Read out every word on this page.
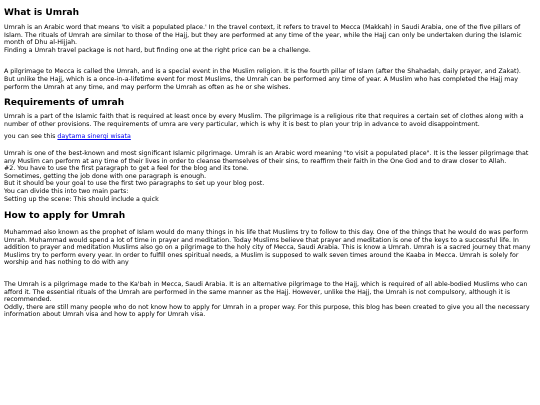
What is Umrah

Umrah is an Arabic word that means 'to visit a populated place.' In the travel context, it refers to travel to Mecca (Makkah) in Saudi Arabia, one of the five pillars of Islam. The rituals of Umrah are similar to those of the Hajj, but they are performed at any time of the year, while the Hajj can only be undertaken during the Islamic month of Dhu al-Hijjah.

Finding a Umrah travel package is not hard, but finding one at the right price can be a challenge.

A pilgrimage to Mecca is called the Umrah, and is a special event in the Muslim religion. It is the fourth pillar of Islam (after the Shahadah, daily prayer, and Zakat). But unlike the Hajj, which is a once-in-a-lifetime event for most Muslims, the Umrah can be performed any time of year. A Muslim who has completed the Hajj may perform the Umrah at any time, and may perform the Umrah as often as he or she wishes.

Requirements of umrah

Umrah is a part of the Islamic faith that is required at least once by every Muslim. The pilgrimage is a religious rite that requires a certain set of clothes along with a number of other provisions. The requirements of umra are very particular, which is why it is best to plan your trip in advance to avoid disappointment.

you can see this daytama sinergi wisata

Umrah is one of the best-known and most significant Islamic pilgrimage. Umrah is an Arabic word meaning "to visit a populated place". It is the lesser pilgrimage that any Muslim can perform at any time of their lives in order to cleanse themselves of their sins, to reaffirm their faith in the One God and to draw closer to Allah.

#2. You have to use the first paragraph to get a feel for the blog and its tone.

Sometimes, getting the job done with one paragraph is enough.

But it should be your goal to use the first two paragraphs to set up your blog post.

You can divide this into two main parts:

Setting up the scene: This should include a quick

How to apply for Umrah

Muhammad also known as the prophet of Islam would do many things in his life that Muslims try to follow to this day. One of the things that he would do was perform Umrah. Muhammad would spend a lot of time in prayer and meditation. Today Muslims believe that prayer and meditation is one of the keys to a successful life. In addition to prayer and meditation Muslims also go on a pilgrimage to the holy city of Mecca, Saudi Arabia. This is know a Umrah. Umrah is a sacred journey that many Muslims try to perform every year. In order to fulfill ones spiritual needs, a Muslim is supposed to walk seven times around the Kaaba in Mecca. Umrah is solely for worship and has nothing to do with any

The Umrah is a pilgrimage made to the Ka'bah in Mecca, Saudi Arabia. It is an alternative pilgrimage to the Hajj, which is required of all able-bodied Muslims who can afford it. The essential rituals of the Umrah are performed in the same manner as the Hajj. However, unlike the Hajj, the Umrah is not compulsory, although it is recommended.

Oddly, there are still many people who do not know how to apply for Umrah in a proper way. For this purpose, this blog has been created to give you all the necessary information about Umrah visa and how to apply for Umrah visa.
